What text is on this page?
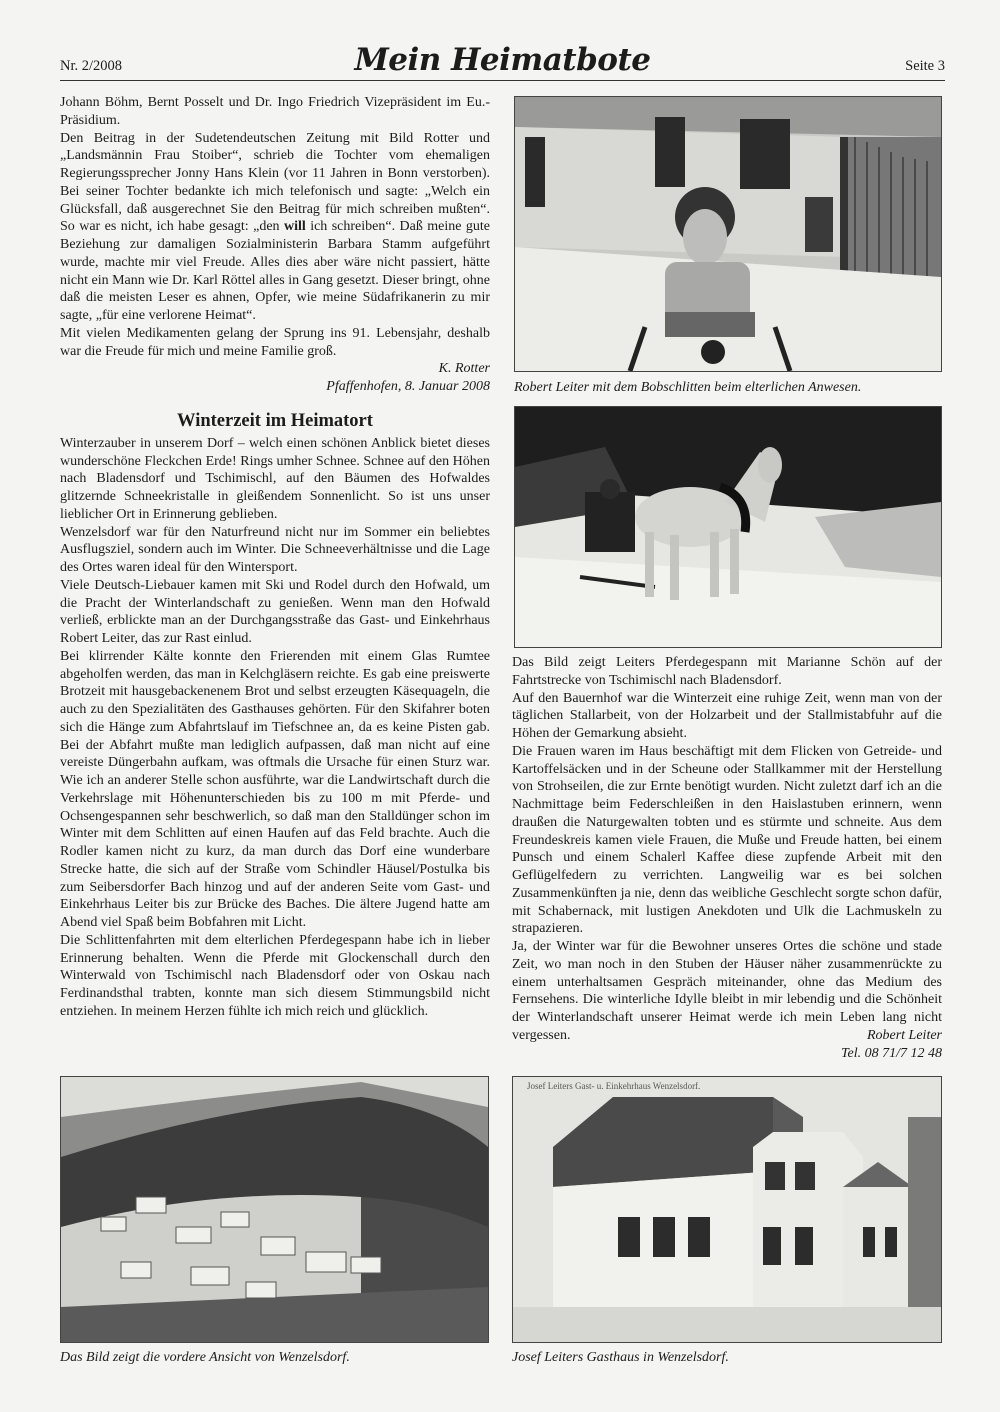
Nr. 2/2008	Mein Heimatbote	Seite 3

Johann Böhm, Bernt Posselt und Dr. Ingo Friedrich Vizepräsident im Eu.-Präsidium.

Den Beitrag in der Sudetendeutschen Zeitung mit Bild Rotter und „Landsmännin Frau Stoiber“, schrieb die Tochter vom ehemaligen Regierungssprecher Jonny Hans Klein (vor 11 Jahren in Bonn verstorben). Bei seiner Tochter bedankte ich mich telefonisch und sagte: „Welch ein Glücksfall, daß ausgerechnet Sie den Beitrag für mich schreiben mußten“. So war es nicht, ich habe gesagt: „den will ich schreiben“. Daß meine gute Beziehung zur damaligen Sozialministerin Barbara Stamm aufgeführt wurde, machte mir viel Freude. Alles dies aber wäre nicht passiert, hätte nicht ein Mann wie Dr. Karl Röttel alles in Gang gesetzt. Dieser bringt, ohne daß die meisten Leser es ahnen, Opfer, wie meine Südafrikanerin zu mir sagte, „für eine verlorene Heimat“.

Mit vielen Medikamenten gelang der Sprung ins 91. Lebensjahr, deshalb war die Freude für mich und meine Familie groß.

K. Rotter

Pfaffenhofen, 8. Januar 2008

Winterzeit im Heimatort

Winterzauber in unserem Dorf – welch einen schönen Anblick bietet dieses wunderschöne Fleckchen Erde! Rings umher Schnee. Schnee auf den Höhen nach Bladensdorf und Tschimischl, auf den Bäumen des Hofwaldes glitzernde Schneekristalle in gleißendem Sonnenlicht. So ist uns unser lieblicher Ort in Erinnerung geblieben.

Wenzelsdorf war für den Naturfreund nicht nur im Sommer ein beliebtes Ausflugsziel, sondern auch im Winter. Die Schneeverhältnisse und die Lage des Ortes waren ideal für den Wintersport.

Viele Deutsch-Liebauer kamen mit Ski und Rodel durch den Hofwald, um die Pracht der Winterlandschaft zu genießen. Wenn man den Hofwald verließ, erblickte man an der Durchgangsstraße das Gast- und Einkehrhaus Robert Leiter, das zur Rast einlud.

Bei klirrender Kälte konnte den Frierenden mit einem Glas Rumtee abgeholfen werden, das man in Kelchgläsern reichte. Es gab eine preiswerte Brotzeit mit hausgebackenenem Brot und selbst erzeugten Käsequageln, die auch zu den Spezialitäten des Gasthauses gehörten. Für den Skifahrer boten sich die Hänge zum Abfahrtslauf im Tiefschnee an, da es keine Pisten gab. Bei der Abfahrt mußte man lediglich aufpassen, daß man nicht auf eine vereiste Düngerbahn aufkam, was oftmals die Ursache für einen Sturz war. Wie ich an anderer Stelle schon ausführte, war die Landwirtschaft durch die Verkehrslage mit Höhenunterschieden bis zu 100 m mit Pferde- und Ochsengespannen sehr beschwerlich, so daß man den Stalldünger schon im Winter mit dem Schlitten auf einen Haufen auf das Feld brachte. Auch die Rodler kamen nicht zu kurz, da man durch das Dorf eine wunderbare Strecke hatte, die sich auf der Straße vom Schindler Häusel/Postulka bis zum Seibersdorfer Bach hinzog und auf der anderen Seite vom Gast- und Einkehrhaus Leiter bis zur Brücke des Baches. Die ältere Jugend hatte am Abend viel Spaß beim Bobfahren mit Licht.

Die Schlittenfahrten mit dem elterlichen Pferdegespann habe ich in lieber Erinnerung behalten. Wenn die Pferde mit Glockenschall durch den Winterwald von Tschimischl nach Bladensdorf oder von Oskau nach Ferdinandsthal trabten, konnte man sich diesem Stimmungsbild nicht entziehen. In meinem Herzen fühlte ich mich reich und glücklich.

Das Bild zeigt Leiters Pferdegespann mit Marianne Schön auf der Fahrtstrecke von Tschimischl nach Bladensdorf.

Auf den Bauernhof war die Winterzeit eine ruhige Zeit, wenn man von der täglichen Stallarbeit, von der Holzarbeit und der Stallmistabfuhr auf die Höhen der Gemarkung absieht.

Die Frauen waren im Haus beschäftigt mit dem Flicken von Getreide- und Kartoffelsäcken und in der Scheune oder Stallkammer mit der Herstellung von Strohseilen, die zur Ernte benötigt wurden. Nicht zuletzt darf ich an die Nachmittage beim Federschleißen in den Haislastuben erinnern, wenn draußen die Naturgewalten tobten und es stürmte und schneite. Aus dem Freundeskreis kamen viele Frauen, die Muße und Freude hatten, bei einem Punsch und einem Schalerl Kaffee diese zupfende Arbeit mit den Geflügelfedern zu verrichten. Langweilig war es bei solchen Zusammenkünften ja nie, denn das weibliche Geschlecht sorgte schon dafür, mit Schabernack, mit lustigen Anekdoten und Ulk die Lachmuskeln zu strapazieren.

Ja, der Winter war für die Bewohner unseres Ortes die schöne und stade Zeit, wo man noch in den Stuben der Häuser näher zusammenrückte zu einem unterhaltsamen Gespräch miteinander, ohne das Medium des Fernsehens. Die winterliche Idylle bleibt in mir lebendig und die Schönheit der Winterlandschaft unserer Heimat werde ich mein Leben lang nicht vergessen.	Robert Leiter

Tel. 08 71/7 12 48

Robert Leiter mit dem Bobschlitten beim elterlichen Anwesen.
Das Bild zeigt die vordere Ansicht von Wenzelsdorf.
Josef Leiters Gast- u. Einkehrhaus Wenzelsdorf.
Josef Leiters Gasthaus in Wenzelsdorf.
